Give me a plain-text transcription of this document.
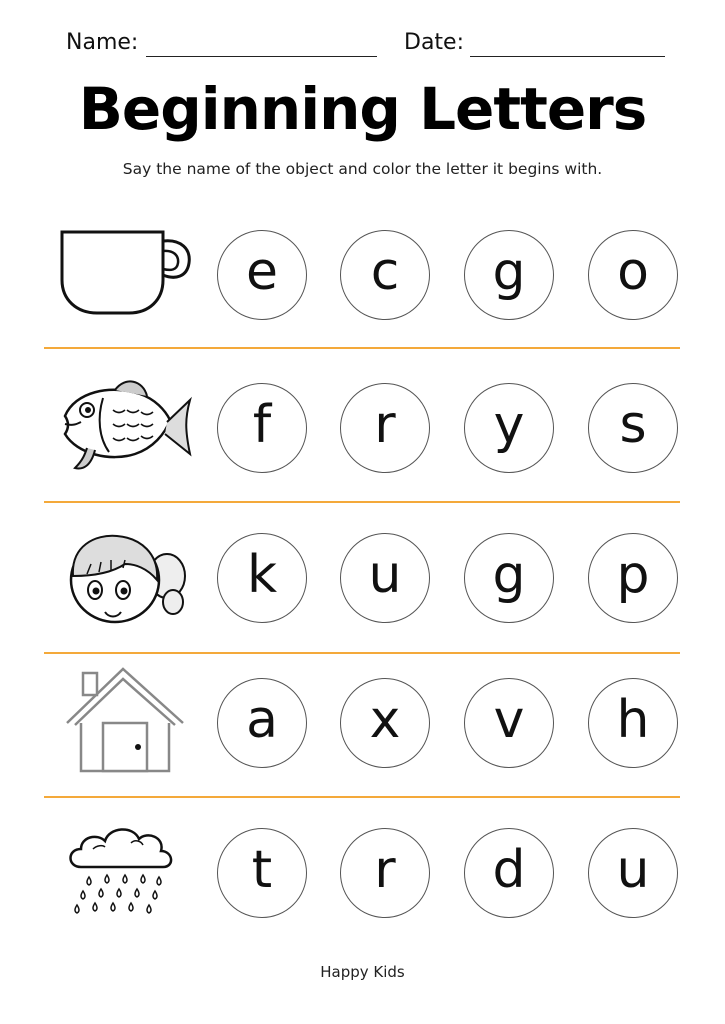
Name:	Date:
Beginning Letters
Say the name of the object and color the letter it begins with.
e	c	g	o
f	r	y	s
k	u	g	p
a	x	v	h
t	r	d	u
Happy Kids
